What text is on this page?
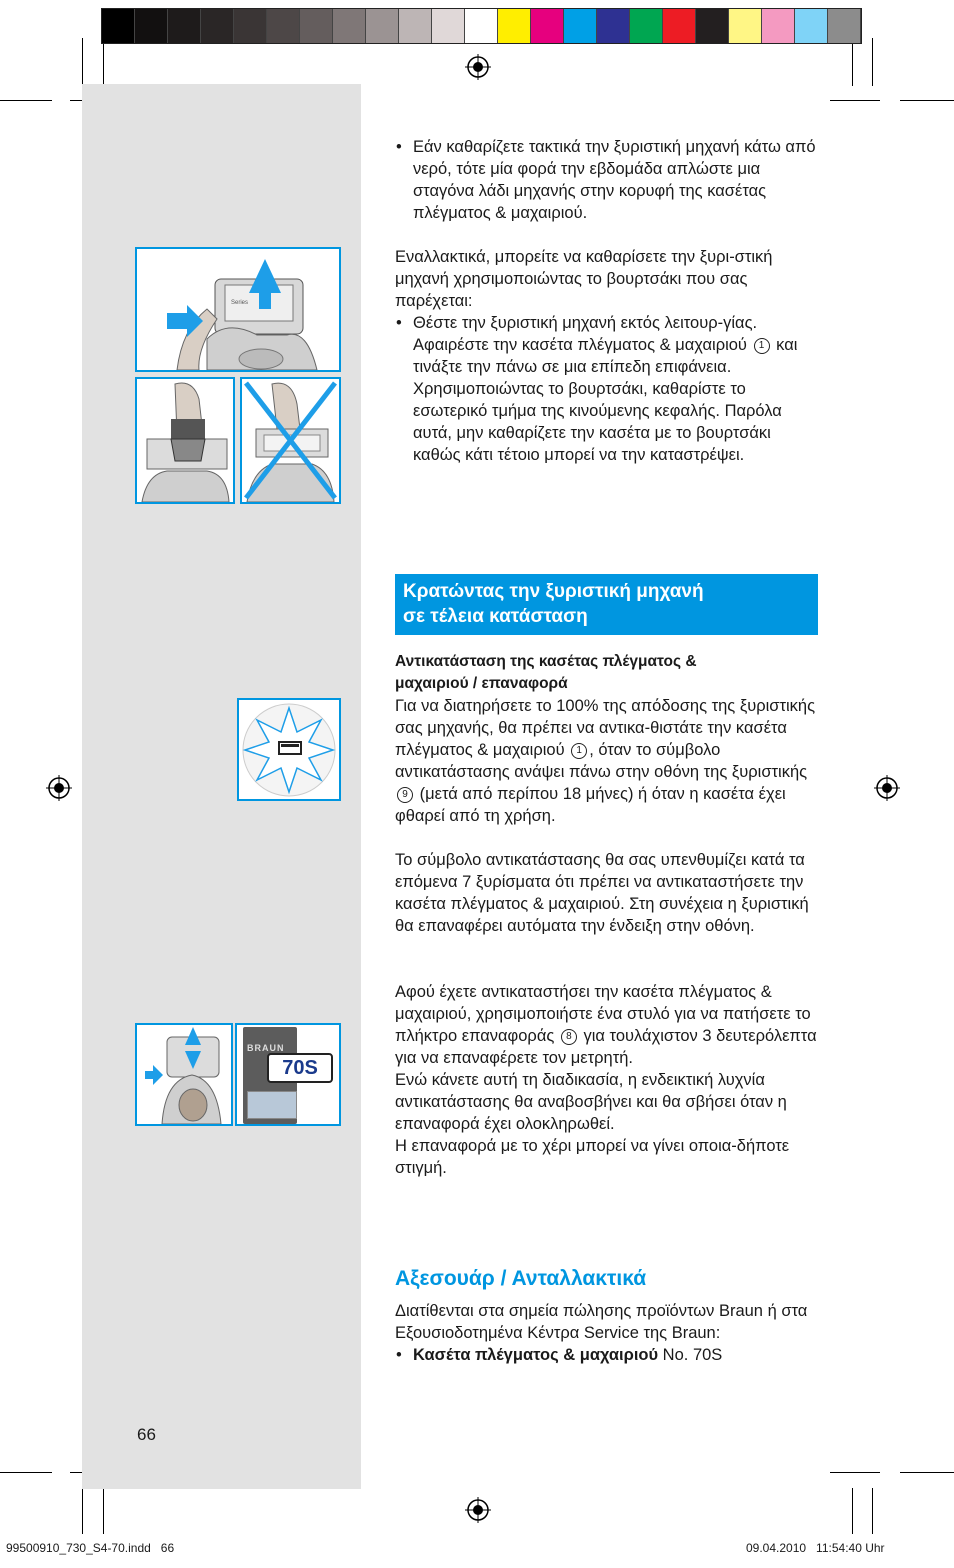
Series
BRAUN
70S

• Εάν καθαρίζετε τακτικά την ξυριστική μηχανή κάτω από νερό, τότε μία φορά την εβδομάδα απλώστε μια σταγόνα λάδι μηχανής στην κορυφή της κασέτας πλέγματος & μαχαιριού.

Εναλλακτικά, μπορείτε να καθαρίσετε την ξυρι-στική μηχανή χρησιμοποιώντας το βουρτσάκι που σας παρέχεται:

• Θέστε την ξυριστική μηχανή εκτός λειτουρ-γίας. Αφαιρέστε την κασέτα πλέγματος & μαχαιριού 1 και τινάξτε την πάνω σε μια επίπεδη επιφάνεια. Χρησιμοποιώντας το βουρτσάκι, καθαρίστε το εσωτερικό τμήμα της κινούμενης κεφαλής. Παρόλα αυτά, μην καθαρίζετε την κασέτα με το βουρτσάκι καθώς κάτι τέτοιο μπορεί να την καταστρέψει.

Κρατώντας την ξυριστική μηχανή
σε τέλεια κατάσταση

Αντικατάσταση της κασέτας πλέγματος &
μαχαιριού / επαναφορά

Για να διατηρήσετε το 100% της απόδοσης της ξυριστικής σας μηχανής, θα πρέπει να αντικα-θιστάτε την κασέτα πλέγματος & μαχαιριού 1 , όταν το σύμβολο αντικατάστασης ανάψει πάνω στην οθόνη της ξυριστικής 9 (μετά από περίπου 18 μήνες) ή όταν η κασέτα έχει φθαρεί από τη χρήση.

Το σύμβολο αντικατάστασης θα σας υπενθυμίζει κατά τα επόμενα 7 ξυρίσματα ότι πρέπει να αντικαταστήσετε την κασέτα πλέγματος & μαχαιριού. Στη συνέχεια η ξυριστική θα επαναφέρει αυτόματα την ένδειξη στην οθόνη.

Αφού έχετε αντικαταστήσει την κασέτα πλέγματος & μαχαιριού, χρησιμοποιήστε ένα στυλό για να πατήσετε το πλήκτρο επαναφοράς 8 για τουλάχιστον 3 δευτερόλεπτα για να επαναφέρετε τον μετρητή.

Ενώ κάνετε αυτή τη διαδικασία, η ενδεικτική λυχνία αντικατάστασης θα αναβοσβήνει και θα σβήσει όταν η επαναφορά έχει ολοκληρωθεί.

Η επαναφορά με το χέρι μπορεί να γίνει οποια-δήποτε στιγμή.

Αξεσουάρ / Ανταλλακτικά

Διατίθενται στα σημεία πώλησης προϊόντων Braun ή στα Εξουσιοδοτημένα Κέντρα Service της Braun:

• Κασέτα πλέγματος & μαχαιριού No. 70S

66
99500910_730_S4-70.indd   66	09.04.2010   11:54:40 Uhr
